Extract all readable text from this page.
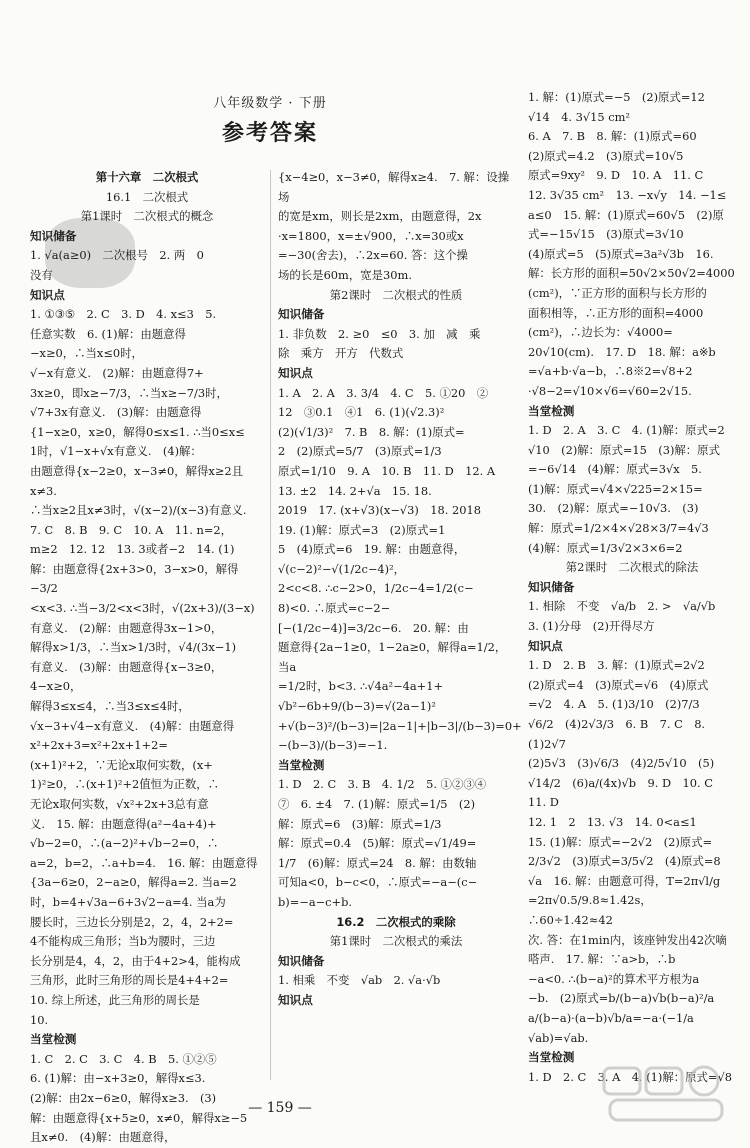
八年级数学 · 下册
参考答案

第十六章　二次根式

16.1　二次根式

第1课时　二次根式的概念

知识储备

1. √a(a≥0)　二次根号　2. 两　0

没有

知识点

1. ①③⑤　2. C　3. D　4. x≤3　5.

任意实数　6. (1)解：由题意得

−x≥0，∴当x≤0时，

√−x有意义.　(2)解：由题意得7+

3x≥0，即x≥−7/3，∴当x≥−7/3时，

√7+3x有意义.　(3)解：由题意得

{1−x≥0，x≥0，解得0≤x≤1. ∴当0≤x≤

1时，√1−x+√x有意义.　(4)解：

由题意得{x−2≥0，x−3≠0，解得x≥2且x≠3.

∴当x≥2且x≠3时，√(x−2)/(x−3)有意义.

7. C　8. B　9. C　10. A　11. n=2，

m≥2　12. 12　13. 3或者−2　14. (1)

解：由题意得{2x+3>0，3−x>0，解得−3/2

<x<3. ∴当−3/2<x<3时，√(2x+3)/(3−x)

有意义.　(2)解：由题意得3x−1>0，

解得x>1/3，∴当x>1/3时，√4/(3x−1)

有意义.　(3)解：由题意得{x−3≥0，4−x≥0，

解得3≤x≤4，∴当3≤x≤4时，

√x−3+√4−x有意义.　(4)解：由题意得x²+2x+3=x²+2x+1+2=

(x+1)²+2，∵无论x取何实数，(x+

1)²≥0，∴(x+1)²+2值恒为正数，∴

无论x取何实数，√x²+2x+3总有意

义.　15. 解：由题意得(a²−4a+4)+

√b−2=0，∴(a−2)²+√b−2=0，∴

a=2，b=2，∴a+b=4.　16. 解：由题意得

{3a−6≥0，2−a≥0，解得a=2. 当a=2

时，b=4+√3a−6+3√2−a=4. 当a为

腰长时，三边长分别是2，2，4，2+2=

4不能构成三角形；当b为腰时，三边

长分别是4，4，2，由于4+2>4，能构成

三角形，此时三角形的周长是4+4+2=

10. 综上所述，此三角形的周长是

10.

当堂检测

1. C　2. C　3. C　4. B　5. ①②⑤

6. (1)解：由−x+3≥0，解得x≤3.

(2)解：由2x−6≥0，解得x≥3.　(3)

解：由题意得{x+5≥0，x≠0，解得x≥−5

且x≠0.　(4)解：由题意得，

{x−4≥0，x−3≠0，解得x≥4.　7. 解：设操场

的宽是xm，则长是2xm，由题意得，2x

·x=1800，x=±√900，∴x=30或x

=−30(舍去)，∴2x=60. 答：这个操

场的长是60m，宽是30m.

第2课时　二次根式的性质

知识储备

1. 非负数　2. ≥0　≤0　3. 加　减　乘

除　乘方　开方　代数式

知识点

1. A　2. A　3. 3/4　4. C　5. ①20　②

12　③0.1　④1　6. (1)(√2.3)²

(2)(√1/3)²　7. B　8. 解：(1)原式=

2　(2)原式=5/7　(3)原式=1/3

原式=1/10　9. A　10. B　11. D　12. A

13. ±2　14. 2+√a　15. 18.

2019　17. (x+√3)(x−√3)　18. 2018

19. (1)解：原式=3　(2)原式=1

5　(4)原式=6　19. 解：由题意得，

√(c−2)²−√(1/2c−4)²，

2<c<8. ∴c−2>0，1/2c−4=1/2(c−

8)<0. ∴原式=c−2−

[−(1/2c−4)]=3/2c−6.　20. 解：由

题意得{2a−1≥0，1−2a≥0，解得a=1/2，当a

=1/2时，b<3. ∴√4a²−4a+1+

√b²−6b+9/(b−3)=√(2a−1)²

+√(b−3)²/(b−3)=|2a−1|+|b−3|/(b−3)=0+

−(b−3)/(b−3)=−1.

当堂检测

1. D　2. C　3. B　4. 1/2　5. ①②③④

⑦　6. ±4　7. (1)解：原式=1/5　(2)

解：原式=6　(3)解：原式=1/3

解：原式=0.4　(5)解：原式=√1/49=

1/7　(6)解：原式=24　8. 解：由数轴

可知a<0，b−c<0，∴原式=−a−(c−

b)=−a−c+b.

16.2　二次根式的乘除

第1课时　二次根式的乘法

知识储备

1. 相乘　不变　√ab　2. √a·√b

知识点

1. 解：(1)原式=−5　(2)原式=12

√14　4. 3√15 cm²

6. A　7. B　8. 解：(1)原式=60

(2)原式=4.2　(3)原式=10√5

原式=9xy²　9. D　10. A　11. C

12. 3√35 cm²　13. −x√y　14. −1≤

a≤0　15. 解：(1)原式=60√5　(2)原

式=−15√15　(3)原式=3√10

(4)原式=5　(5)原式=3a²√3b　16.

解：长方形的面积=50√2×50√2=4000

(cm²)，∵正方形的面积与长方形的

面积相等，∴正方形的面积=4000

(cm²)，∴边长为：√4000=

20√10(cm).　17. D　18. 解：a※b

=√a+b·√a−b，∴8※2=√8+2

·√8−2=√10×√6=√60=2√15.

当堂检测

1. D　2. A　3. C　4. (1)解：原式=2

√10　(2)解：原式=15　(3)解：原式

=−6√14　(4)解：原式=3√x　5.

(1)解：原式=√4×√225=2×15=

30.　(2)解：原式=−10√3.　(3)

解：原式=1/2×4×√28×3/7=4√3

(4)解：原式=1/3√2×3×6=2

第2课时　二次根式的除法

知识储备

1. 相除　不变　√a/b　2. >　√a/√b

3. (1)分母　(2)开得尽方

知识点

1. D　2. B　3. 解：(1)原式=2√2

(2)原式=4　(3)原式=√6　(4)原式

=√2　4. A　5. (1)3/10　(2)7/3

√6/2　(4)2√3/3　6. B　7. C　8. (1)2√7

(2)5√3　(3)√6/3　(4)2/5√10　(5)

√14/2　(6)a/(4x)√b　9. D　10. C　11. D

12. 1　2　13. √3　14. 0<a≤1

15. (1)解：原式=−2√2　(2)原式=

2/3√2　(3)原式=3/5√2　(4)原式=8

√a　16. 解：由题意可得，T=2π√l/g

=2π√0.5/9.8≈1.42s，∴60÷1.42≈42

次. 答：在1min内，该座钟发出42次嘀

嗒声.　17. 解：∵a>b，∴b

−a<0. ∴(b−a)²的算术平方根为a

−b.　(2)原式=b/(b−a)√b(b−a)²/a

a/(b−a)·(a−b)√b/a=−a·(−1/a

√ab)=√ab.

当堂检测

1. D　2. C　3. A　4. (1)解：原式=√8

— 159 —
